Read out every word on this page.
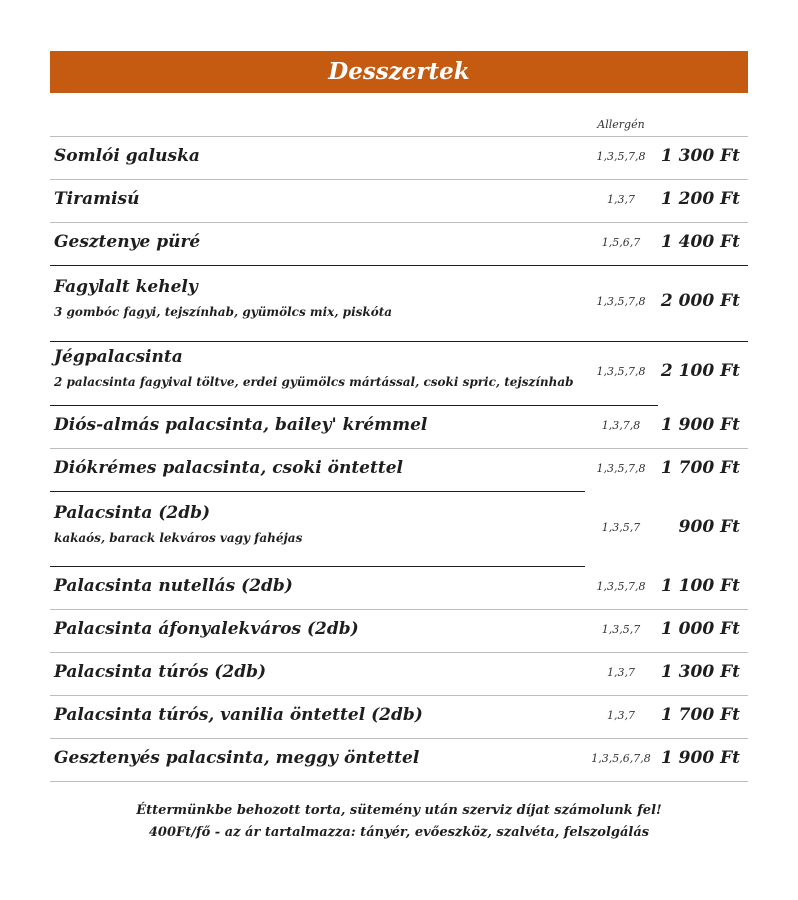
Desszertek
Allergén
Somlói galuska	1,3,5,7,8 1 300 Ft
Tiramisú	1,3,7	1 200 Ft
Gesztenye püré	1,5,6,7	1 400 Ft
Fagylalt kehely
3 gombóc fagyi, tejszínhab, gyümölcs mix, piskóta
1,3,5,7,8 2 000 Ft
Jégpalacsinta
2 palacsinta fagyival töltve, erdei gyümölcs mártással, csoki spric, tejszínhab
1,3,5,7,8 2 100 Ft
Diós-almás palacsinta, bailey' krémmel	1,3,7,8	1 900 Ft
Diókrémes palacsinta, csoki öntettel	1,3,5,7,8 1 700 Ft
Palacsinta (2db)
kakaós, barack lekváros vagy fahéjas
1,3,5,7	900 Ft
Palacsinta nutellás (2db)	1,3,5,7,8 1 100 Ft
Palacsinta áfonyalekváros (2db)	1,3,5,7	1 000 Ft
Palacsinta túrós (2db)	1,3,7	1 300 Ft
Palacsinta túrós, vanilia öntettel (2db)	1,3,7	1 700 Ft
Gesztenyés palacsinta, meggy öntettel	1,3,5,6,7,8 1 900 Ft
Éttermünkbe behozott torta, sütemény után szerviz díjat számolunk fel!
400Ft/fő - az ár tartalmazza: tányér, evőeszköz, szalvéta, felszolgálás
